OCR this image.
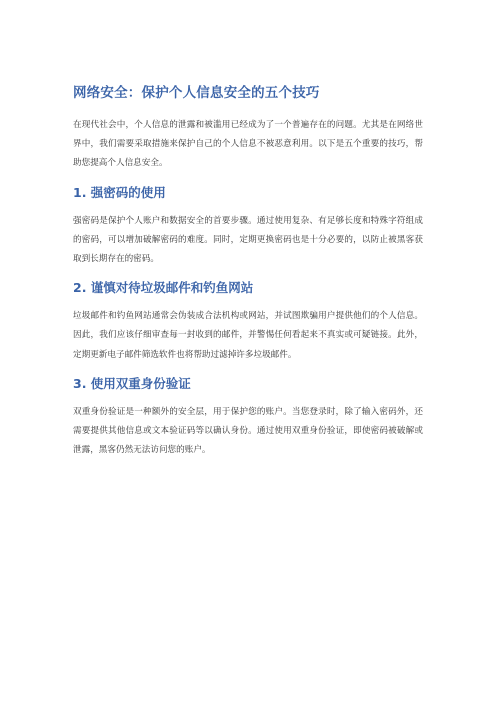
网络安全：保护个人信息安全的五个技巧

在现代社会中，个人信息的泄露和被滥用已经成为了一个普遍存在的问题。尤其是在网络世界中，我们需要采取措施来保护自己的个人信息不被恶意利用。以下是五个重要的技巧，帮助您提高个人信息安全。

1. 强密码的使用

强密码是保护个人账户和数据安全的首要步骤。通过使用复杂、有足够长度和特殊字符组成的密码，可以增加破解密码的难度。同时，定期更换密码也是十分必要的，以防止被黑客获取到长期存在的密码。

2. 谨慎对待垃圾邮件和钓鱼网站

垃圾邮件和钓鱼网站通常会伪装成合法机构或网站，并试图欺骗用户提供他们的个人信息。因此，我们应该仔细审查每一封收到的邮件，并警惕任何看起来不真实或可疑链接。此外，定期更新电子邮件筛选软件也将帮助过滤掉许多垃圾邮件。

3. 使用双重身份验证

双重身份验证是一种额外的安全层，用于保护您的账户。当您登录时，除了输入密码外，还需要提供其他信息或文本验证码等以确认身份。通过使用双重身份验证，即使密码被破解或泄露，黑客仍然无法访问您的账户。
